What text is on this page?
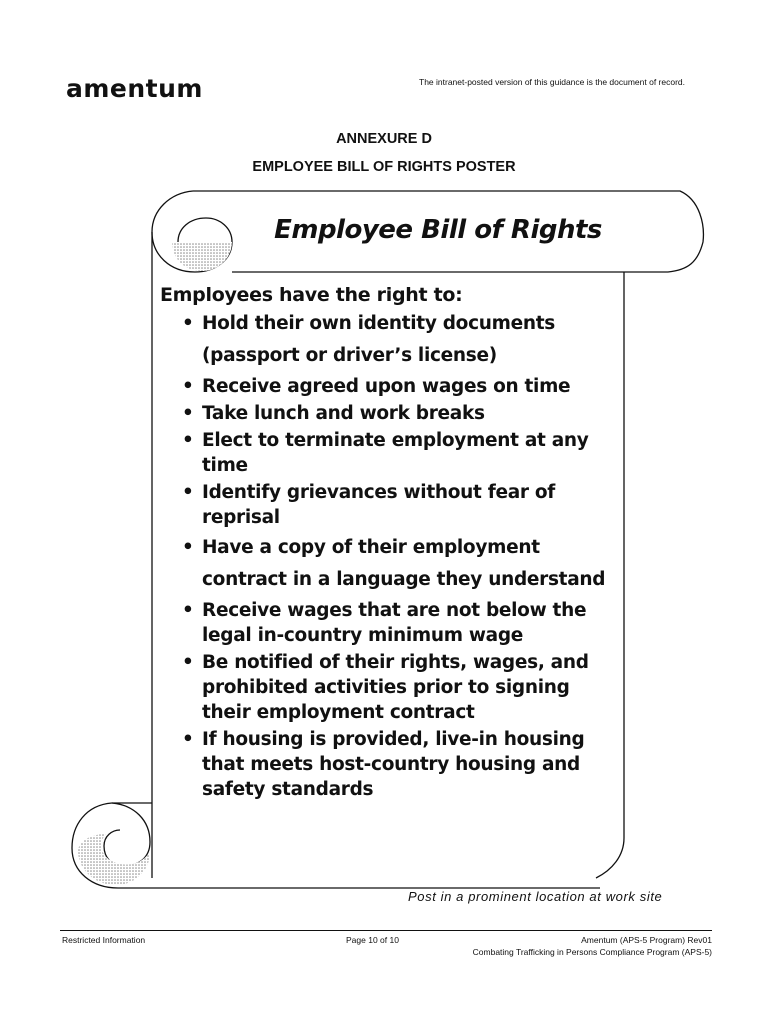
amentum	The intranet-posted version of this guidance is the document of record.
ANNEXURE D
EMPLOYEE BILL OF RIGHTS POSTER
Employee Bill of Rights
Employees have the right to:
• Hold their own identity documents (passport or driver’s license)
• Receive agreed upon wages on time
• Take lunch and work breaks
• Elect to terminate employment at any time
• Identify grievances without fear of reprisal
• Have a copy of their employment contract in a language they understand
• Receive wages that are not below the legal in-country minimum wage
• Be notified of their rights, wages, and prohibited activities prior to signing their employment contract
• If housing is provided, live-in housing that meets host-country housing and safety standards
Post in a prominent location at work site
Restricted Information	Page 10 of 10	Amentum (APS-5 Program) Rev01
Combating Trafficking in Persons Compliance Program (APS-5)
